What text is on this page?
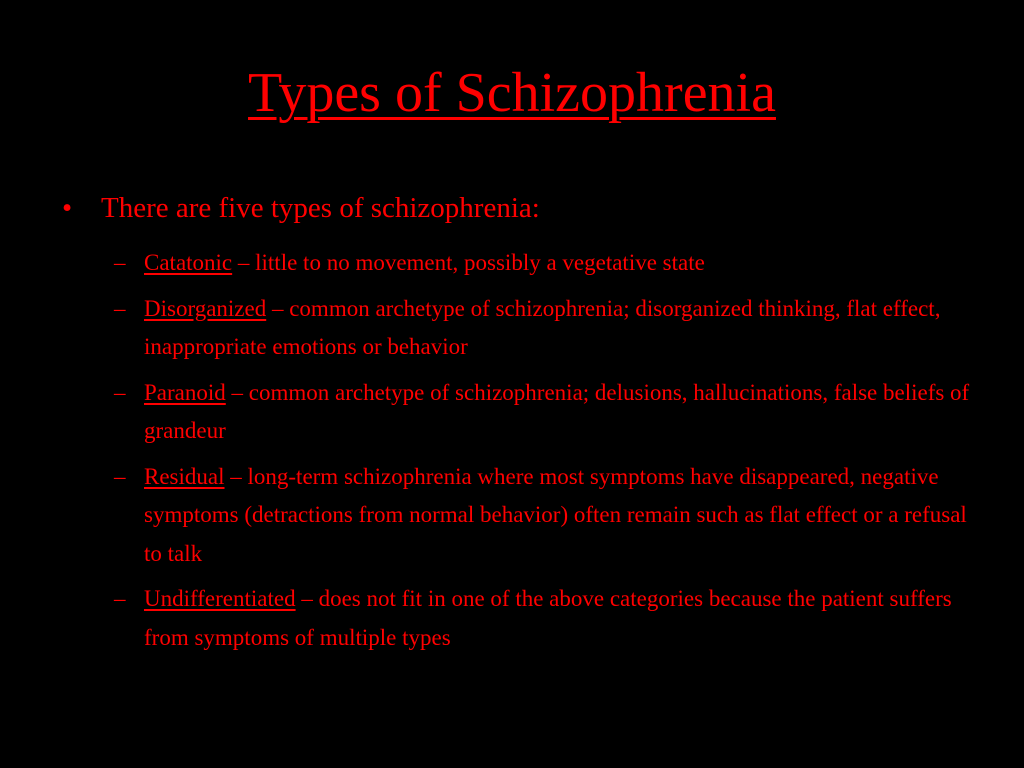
Types of Schizophrenia
• There are five types of schizophrenia:
– Catatonic – little to no movement, possibly a vegetative state
– Disorganized – common archetype of schizophrenia; disorganized thinking, flat effect, inappropriate emotions or behavior
– Paranoid – common archetype of schizophrenia; delusions, hallucinations, false beliefs of grandeur
– Residual – long-term schizophrenia where most symptoms have disappeared, negative symptoms (detractions from normal behavior) often remain such as flat effect or a refusal to talk
– Undifferentiated – does not fit in one of the above categories because the patient suffers from symptoms of multiple types
